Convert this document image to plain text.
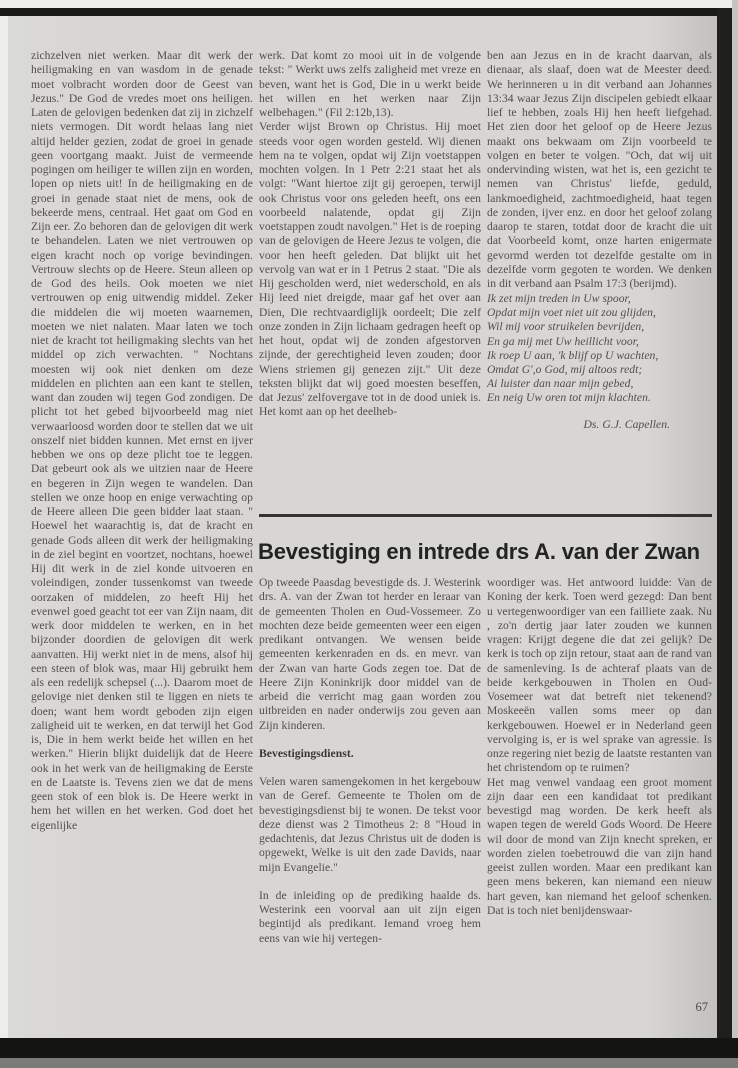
zichzelven niet werken. Maar dit werk der heiligmaking en van wasdom in de genade moet volbracht worden door de Geest van Jezus." De God de vredes moet ons heiligen. Laten de gelovigen bedenken dat zij in zichzelf niets vermogen. Dit wordt helaas lang niet altijd helder gezien, zodat de groei in genade geen voortgang maakt. Juist de vermeende pogingen om heiliger te willen zijn en worden, lopen op niets uit! In de heiligmaking en de groei in genade staat niet de mens, ook de bekeerde mens, centraal. Het gaat om God en Zijn eer. Zo behoren dan de gelovigen dit werk te behandelen. Laten we niet vertrouwen op eigen kracht noch op vorige bevindingen. Vertrouw slechts op de Heere. Steun alleen op de God des heils. Ook moeten we niet vertrouwen op enig uitwendig middel. Zeker die middelen die wij moeten waarnemen, moeten we niet nalaten. Maar laten we toch niet de kracht tot heiligmaking slechts van het middel op zich verwachten. " Nochtans moesten wij ook niet denken om deze middelen en plichten aan een kant te stellen, want dan zouden wij tegen God zondigen. De plicht tot het gebed bijvoorbeeld mag niet verwaarloosd worden door te stellen dat we uit onszelf niet bidden kunnen. Met ernst en ijver hebben we ons op deze plicht toe te leggen. Dat gebeurt ook als we uitzien naar de Heere en begeren in Zijn wegen te wandelen. Dan stellen we onze hoop en enige verwachting op de Heere alleen Die geen bidder laat staan. " Hoewel het waarachtig is, dat de kracht en genade Gods alleen dit werk der heiligmaking in de ziel begint en voortzet, nochtans, hoewel Hij dit werk in de ziel konde uitvoeren en voleindigen, zonder tussenkomst van tweede oorzaken of middelen, zo heeft Hij het evenwel goed geacht tot eer van Zijn naam, dit werk door middelen te werken, en in het bijzonder doordien de gelovigen dit werk aanvatten. Hij werkt niet in de mens, alsof hij een steen of blok was, maar Hij gebruikt hem als een redelijk schepsel (...). Daarom moet de gelovige niet denken stil te liggen en niets te doen; want hem wordt geboden zijn eigen zaligheid uit te werken, en dat terwijl het God is, Die in hem werkt beide het willen en het werken." Hierin blijkt duidelijk dat de Heere ook in het werk van de heiligmaking de Eerste en de Laatste is. Tevens zien we dat de mens geen stok of een blok is. De Heere werkt in hem het willen en het werken. God doet het eigenlijke

werk. Dat komt zo mooi uit in de volgende tekst: " Werkt uws zelfs zaligheid met vreze en beven, want het is God, Die in u werkt beide het willen en het werken naar Zijn welbehagen." (Fil 2:12b,13).

Verder wijst Brown op Christus. Hij moet steeds voor ogen worden gesteld. Wij dienen hem na te volgen, opdat wij Zijn voetstappen mochten volgen. In 1 Petr 2:21 staat het als volgt: "Want hiertoe zijt gij geroepen, terwijl ook Christus voor ons geleden heeft, ons een voorbeeld nalatende, opdat gij Zijn voetstappen zoudt navolgen." Het is de roeping van de gelovigen de Heere Jezus te volgen, die voor hen heeft geleden. Dat blijkt uit het vervolg van wat er in 1 Petrus 2 staat. "Die als Hij gescholden werd, niet wederschold, en als Hij leed niet dreigde, maar gaf het over aan Dien, Die rechtvaardiglijk oordeelt; Die zelf onze zonden in Zijn lichaam gedragen heeft op het hout, opdat wij de zonden afgestorven zijnde, der gerechtigheid leven zouden; door Wiens striemen gij genezen zijt." Uit deze teksten blijkt dat wij goed moesten beseffen, dat Jezus' zelfovergave tot in de dood uniek is. Het komt aan op het deelheb-

ben aan Jezus en in de kracht daarvan, als dienaar, als slaaf, doen wat de Meester deed. We herinneren u in dit verband aan Johannes 13:34 waar Jezus Zijn discipelen gebiedt elkaar lief te hebben, zoals Hij hen heeft liefgehad. Het zien door het geloof op de Heere Jezus maakt ons bekwaam om Zijn voorbeeld te volgen en beter te volgen. "Och, dat wij uit ondervinding wisten, wat het is, een gezicht te nemen van Christus' liefde, geduld, lankmoedigheid, zachtmoedigheid, haat tegen de zonden, ijver enz. en door het geloof zolang daarop te staren, totdat door de kracht die uit dat Voorbeeld komt, onze harten enigermate gevormd werden tot dezelfde gestalte om in dezelfde vorm gegoten te worden. We denken in dit verband aan Psalm 17:3 (berijmd).

Ik zet mijn treden in Uw spoor,
Opdat mijn voet niet uit zou glijden,
Wil mij voor struikelen bevrijden,
En ga mij met Uw heillicht voor,
Ik roep U aan, 'k blijf op U wachten,
Omdat G',o God, mij altoos redt;
Ai luister dan naar mijn gebed,
En neig Uw oren tot mijn klachten.
Ds. G.J. Capellen.
Bevestiging en intrede drs A. van der Zwan

Op tweede Paasdag bevestigde ds. J. Westerink drs. A. van der Zwan tot herder en leraar van de gemeenten Tholen en Oud-Vossemeer. Zo mochten deze beide gemeenten weer een eigen predikant ontvangen. We wensen beide gemeenten kerkenraden en ds. en mevr. van der Zwan van harte Gods zegen toe. Dat de Heere Zijn Koninkrijk door middel van de arbeid die verricht mag gaan worden zou uitbreiden en nader onderwijs zou geven aan Zijn kinderen.

Bevestigingsdienst.

Velen waren samengekomen in het kergebouw van de Geref. Gemeente te Tholen om de bevestigingsdienst bij te wonen. De tekst voor deze dienst was 2 Timotheus 2: 8 "Houd in gedachtenis, dat Jezus Christus uit de doden is opgewekt, Welke is uit den zade Davids, naar mijn Evangelie."

In de inleiding op de prediking haalde ds. Westerink een voorval aan uit zijn eigen begintijd als predikant. Iemand vroeg hem eens van wie hij vertegen-

woordiger was. Het antwoord luidde: Van de Koning der kerk. Toen werd gezegd: Dan bent u vertegenwoordiger van een failliete zaak. Nu , zo'n dertig jaar later zouden we kunnen vragen: Krijgt degene die dat zei gelijk? De kerk is toch op zijn retour, staat aan de rand van de samenleving. Is de achteraf plaats van de beide kerkgebouwen in Tholen en Oud-Vosemeer wat dat betreft niet tekenend? Moskeeën vallen soms meer op dan kerkgebouwen. Hoewel er in Nederland geen vervolging is, er is wel sprake van agressie. Is onze regering niet bezig de laatste restanten van het christendom op te ruimen?

Het mag venwel vandaag een groot moment zijn daar een een kandidaat tot predikant bevestigd mag worden. De kerk heeft als wapen tegen de wereld Gods Woord. De Heere wil door de mond van Zijn knecht spreken, er worden zielen toebetrouwd die van zijn hand geeist zullen worden. Maar een predikant kan geen mens bekeren, kan niemand een nieuw hart geven, kan niemand het geloof schenken. Dat is toch niet benijdenswaar-

67
